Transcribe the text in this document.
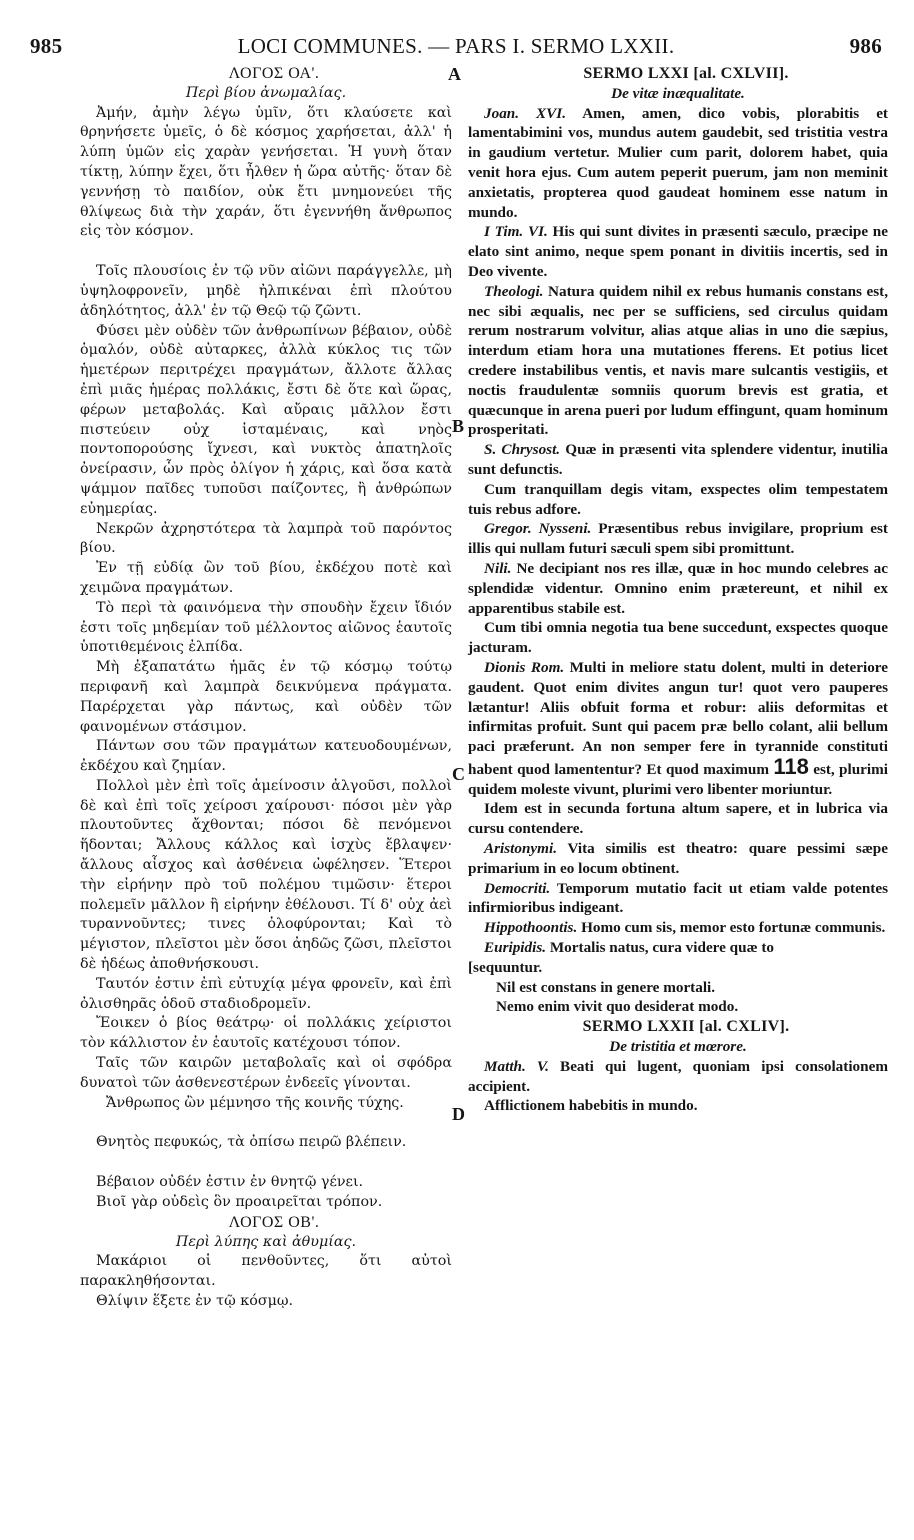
985	LOCI COMMUNES. — PARS I. SERMO LXXII.	986
A
B
C
D

ΛΟΓΟΣ ΟΑ'.

Περὶ βίου ἀνωμαλίας.

Ἀμήν, ἀμὴν λέγω ὑμῖν, ὅτι κλαύσετε καὶ θρηνήσετε ὑμεῖς, ὁ δὲ κόσμος χαρήσεται, ἀλλ' ἡ λύπη ὑμῶν εἰς χαρὰν γενήσεται. Ἡ γυνὴ ὅταν τίκτῃ, λύπην ἔχει, ὅτι ἦλθεν ἡ ὥρα αὐτῆς· ὅταν δὲ γεννήσῃ τὸ παιδίον, οὐκ ἔτι μνημονεύει τῆς θλίψεως διὰ τὴν χαράν, ὅτι ἐγεννήθη ἄνθρωπος εἰς τὸν κόσμον.

Τοῖς πλουσίοις ἐν τῷ νῦν αἰῶνι παράγγελλε, μὴ ὑψηλοφρονεῖν, μηδὲ ἠλπικέναι ἐπὶ πλούτου ἀδηλότητος, ἀλλ' ἐν τῷ Θεῷ τῷ ζῶντι.

Φύσει μὲν οὐδὲν τῶν ἀνθρωπίνων βέβαιον, οὐδὲ ὁμαλόν, οὐδὲ αὐταρκες, ἀλλὰ κύκλος τις τῶν ἡμετέρων περιτρέχει πραγμάτων, ἄλλοτε ἄλλας ἐπὶ μιᾶς ἡμέρας πολλάκις, ἔστι δὲ ὅτε καὶ ὥρας, φέρων μεταβολάς. Καὶ αὔραις μᾶλλον ἔστι πιστεύειν οὐχ ἱσταμέναις, καὶ νηὸς ποντοπορούσης ἴχνεσι, καὶ νυκτὸς ἀπατηλοῖς ὀνείρασιν, ὧν πρὸς ὀλίγον ἡ χάρις, καὶ ὅσα κατὰ ψάμμον παῖδες τυποῦσι παίζοντες, ἢ ἀνθρώπων εὐημερίας.

Νεκρῶν ἀχρηστότερα τὰ λαμπρὰ τοῦ παρόντος βίου.

Ἐν τῇ εὐδίᾳ ὢν τοῦ βίου, ἐκδέχου ποτὲ καὶ χειμῶνα πραγμάτων.

Τὸ περὶ τὰ φαινόμενα τὴν σπουδὴν ἔχειν ἴδιόν ἐστι τοῖς μηδεμίαν τοῦ μέλλοντος αἰῶνος ἑαυτοῖς ὑποτιθεμένοις ἐλπίδα.

Μὴ ἐξαπατάτω ἡμᾶς ἐν τῷ κόσμῳ τούτῳ περιφανῆ καὶ λαμπρὰ δεικνύμενα πράγματα. Παρέρχεται γὰρ πάντως, καὶ οὐδὲν τῶν φαινομένων στάσιμον.

Πάντων σου τῶν πραγμάτων κατευοδουμένων, ἐκδέχου καὶ ζημίαν.

Πολλοὶ μὲν ἐπὶ τοῖς ἀμείνοσιν ἀλγοῦσι, πολλοὶ δὲ καὶ ἐπὶ τοῖς χείροσι χαίρουσι· πόσοι μὲν γὰρ πλουτοῦντες ἄχθονται; πόσοι δὲ πενόμενοι ἥδονται; Ἄλλους κάλλος καὶ ἰσχὺς ἔβλαψεν· ἄλλους αἶσχος καὶ ἀσθένεια ὠφέλησεν. Ἕτεροι τὴν εἰρήνην πρὸ τοῦ πολέμου τιμῶσιν· ἕτεροι πολεμεῖν μᾶλλον ἢ εἰρήνην ἐθέλουσι. Τί δ' οὐχ ἀεὶ τυραννοῦντες; τινες ὀλοφύρονται; Καὶ τὸ μέγιστον, πλεῖστοι μὲν ὅσοι ἀηδῶς ζῶσι, πλεῖστοι δὲ ἡδέως ἀποθνήσκουσι.

Ταυτόν ἐστιν ἐπὶ εὐτυχίᾳ μέγα φρονεῖν, καὶ ἐπὶ ὀλισθηρᾶς ὁδοῦ σταδιοδρομεῖν.

Ἔοικεν ὁ βίος θεάτρῳ· οἱ πολλάκις χείριστοι τὸν κάλλιστον ἐν ἑαυτοῖς κατέχουσι τόπον.

Ταῖς τῶν καιρῶν μεταβολαῖς καὶ οἱ σφόδρα δυνατοὶ τῶν ἀσθενεστέρων ἐνδεεῖς γίνονται.

Ἄνθρωπος ὢν μέμνησο τῆς κοινῆς τύχης.

Θνητὸς πεφυκώς, τὰ ὀπίσω πειρῶ βλέπειν.

Βέβαιον οὐδέν ἐστιν ἐν θνητῷ γένει.

Βιοῖ γὰρ οὐδεὶς ὃν προαιρεῖται τρόπον.

ΛΟΓΟΣ ΟΒ'.

Περὶ λύπης καὶ ἀθυμίας.

Μακάριοι οἱ πενθοῦντες, ὅτι αὐτοὶ παρακληθήσονται.

Θλίψιν ἕξετε ἐν τῷ κόσμῳ.

SERMO LXXI [al. CXLVII].

De vitæ inæqualitate.

Joan. XVI. Amen, amen, dico vobis, plorabitis et lamentabimini vos, mundus autem gaudebit, sed tristitia vestra in gaudium vertetur. Mulier cum parit, dolorem habet, quia venit hora ejus. Cum autem peperit puerum, jam non meminit anxietatis, propterea quod gaudeat hominem esse natum in mundo.

I Tim. VI. His qui sunt divites in præsenti sæculo, præcipe ne elato sint animo, neque spem ponant in divitiis incertis, sed in Deo vivente.

Theologi. Natura quidem nihil ex rebus humanis constans est, nec sibi æqualis, nec per se sufficiens, sed circulus quidam rerum nostrarum volvitur, alias atque alias in uno die sæpius, interdum etiam hora una mutationes fferens. Et potius licet credere instabilibus ventis, et navis mare sulcantis vestigiis, et noctis fraudulentæ somniis quorum brevis est gratia, et quæcunque in arena pueri por ludum effingunt, quam hominum prosperitati.

S. Chrysost. Quæ in præsenti vita splendere videntur, inutilia sunt defunctis.

Cum tranquillam degis vitam, exspectes olim tempestatem tuis rebus adfore.

Gregor. Nysseni. Præsentibus rebus invigilare, proprium est illis qui nullam futuri sæculi spem sibi promittunt.

Nili. Ne decipiant nos res illæ, quæ in hoc mundo celebres ac splendidæ videntur. Omnino enim prætereunt, et nihil ex apparentibus stabile est.

Cum tibi omnia negotia tua bene succedunt, exspectes quoque jacturam.

Dionis Rom. Multi in meliore statu dolent, multi in deteriore gaudent. Quot enim divites angun tur! quot vero pauperes lætantur! Aliis obfuit forma et robur: aliis deformitas et infirmitas profuit. Sunt qui pacem præ bello colant, alii bellum paci præferunt. An non semper fere in tyrannide constituti habent quod lamententur? Et quod maximum 118 est, plurimi quidem moleste vivunt, plurimi vero libenter moriuntur.

Idem est in secunda fortuna altum sapere, et in lubrica via cursu contendere.

Aristonymi. Vita similis est theatro: quare pessimi sæpe primarium in eo locum obtinent.

Democriti. Temporum mutatio facit ut etiam valde potentes infirmioribus indigeant.

Hippothoontis. Homo cum sis, memor esto fortunæ communis.

Euripidis. Mortalis natus, cura videre quæ to

[sequuntur.

Nil est constans in genere mortali.

Nemo enim vivit quo desiderat modo.

SERMO LXXII [al. CXLIV].

De tristitia et mœrore.

Matth. V. Beati qui lugent, quoniam ipsi consolationem accipient.

Afflictionem habebitis in mundo.
